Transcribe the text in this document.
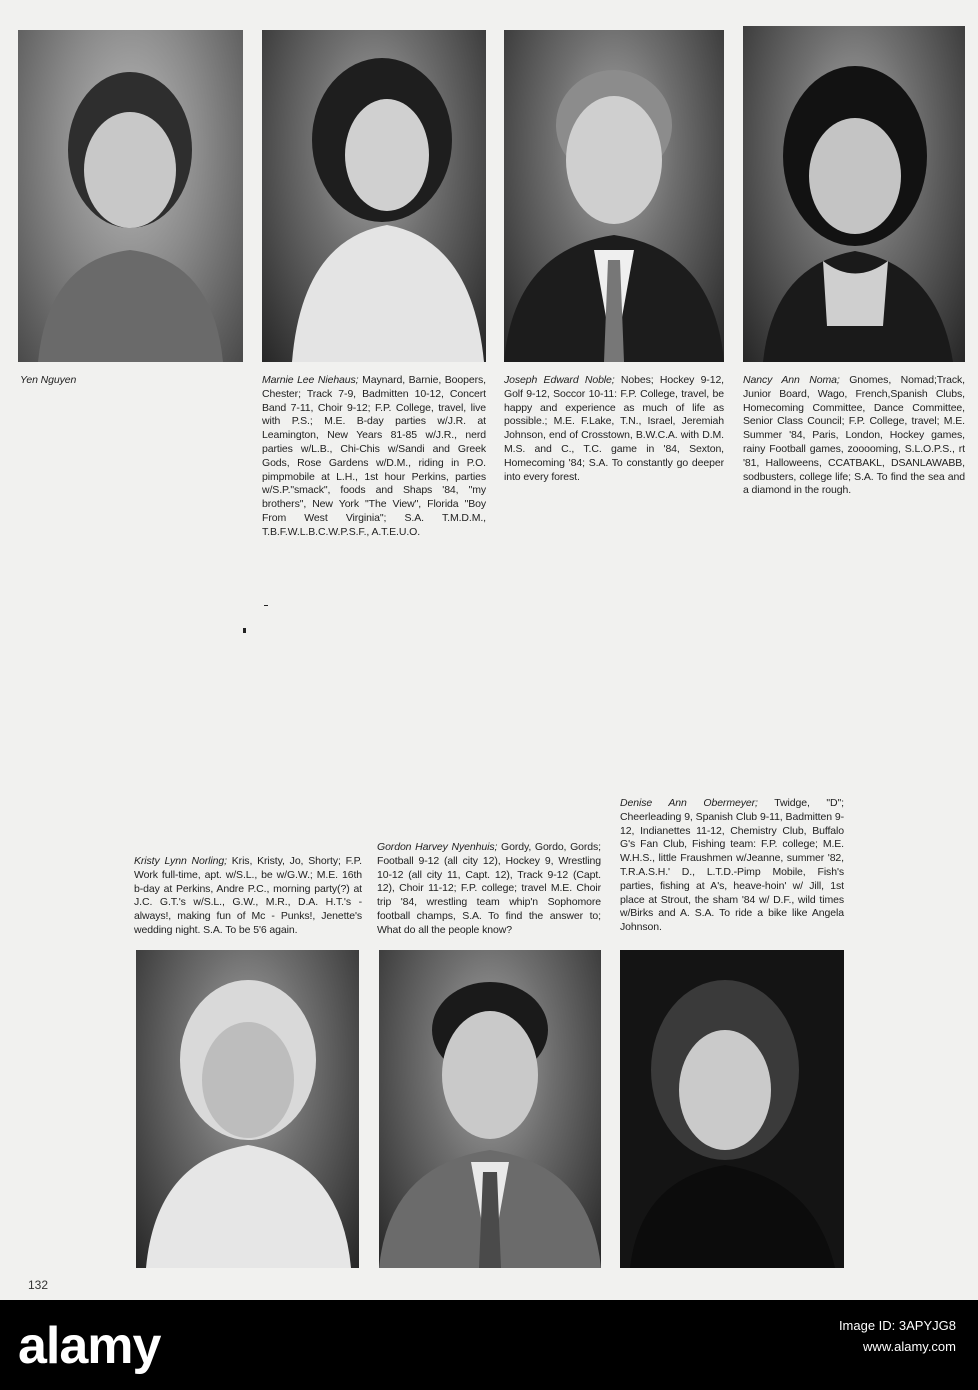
Yen Nguyen	Marnie Lee Niehaus; Maynard, Barnie, Boopers, Chester; Track 7-9, Badmitten 10-12, Concert Band 7-11, Choir 9-12; F.P. College, travel, live with P.S.; M.E. B-day parties w/J.R. at Leamington, New Years 81-85 w/J.R., nerd parties w/L.B., Chi-Chis w/Sandi and Greek Gods, Rose Gardens w/D.M., riding in P.O. pimpmobile at L.H., 1st hour Perkins, parties w/S.P."smack", foods and Shaps '84, "my brothers", New York "The View", Florida "Boy From West Virginia"; S.A. T.M.D.M., T.B.F.W.L.B.C.W.P.S.F., A.T.E.U.O.
Joseph Edward Noble; Nobes; Hockey 9-12, Golf 9-12, Soccor 10-11: F.P. College, travel, be happy and experience as much of life as possible.; M.E. F.Lake, T.N., Israel, Jeremiah Johnson, end of Crosstown, B.W.C.A. with D.M. M.S. and C., T.C. game in '84, Sexton, Homecoming '84; S.A. To constantly go deeper into every forest.
Nancy Ann Noma; Gnomes, Nomad;Track, Junior Board, Wago, French,Spanish Clubs, Homecoming Committee, Dance Committee, Senior Class Council; F.P. College, travel; M.E. Summer '84, Paris, London, Hockey games, rainy Football games, zooooming, S.L.O.P.S., rt '81, Halloweens, CCATBAKL, DSANLAWABB, sodbusters, college life; S.A. To find the sea and a diamond in the rough.
Kristy Lynn Norling; Kris, Kristy, Jo, Shorty; F.P. Work full-time, apt. w/S.L., be w/G.W.; M.E. 16th b-day at Perkins, Andre P.C., morning party(?) at J.C. G.T.'s w/S.L., G.W., M.R., D.A. H.T.'s - always!, making fun of Mc - Punks!, Jenette's wedding night. S.A. To be 5'6 again.
Gordon Harvey Nyenhuis; Gordy, Gordo, Gords; Football 9-12 (all city 12), Hockey 9, Wrestling 10-12 (all city 11, Capt. 12), Track 9-12 (Capt. 12), Choir 11-12; F.P. college; travel M.E. Choir trip '84, wrestling team whip'n Sophomore football champs, S.A. To find the answer to; What do all the people know?
Denise Ann Obermeyer; Twidge, "D"; Cheerleading 9, Spanish Club 9-11, Badmitten 9-12, Indianettes 11-12, Chemistry Club, Buffalo G's Fan Club, Fishing team: F.P. college; M.E. W.H.S., little Fraushmen w/Jeanne, summer '82, T.R.A.S.H.' D., L.T.D.-Pimp Mobile, Fish's parties, fishing at A's, heave-hoin' w/ Jill, 1st place at Strout, the sham '84 w/ D.F., wild times w/Birks and A. S.A. To ride a bike like Angela Johnson.
132
alamy	Image ID: 3APYJG8
www.alamy.com
